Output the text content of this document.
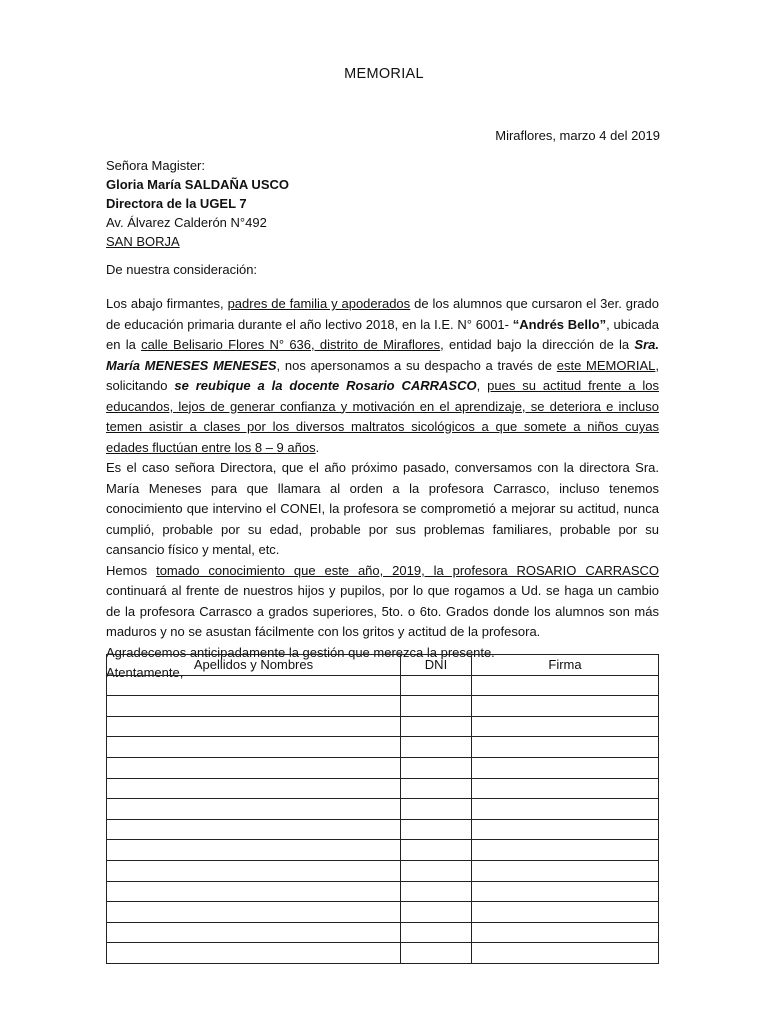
MEMORIAL
Miraflores, marzo 4 del 2019
Señora Magister:
Gloria María SALDAÑA USCO
Directora de la UGEL 7
Av. Álvarez Calderón N°492
SAN BORJA
De nuestra consideración:

Los abajo firmantes, padres de familia y apoderados de los alumnos que cursaron el 3er. grado de educación primaria durante el año lectivo 2018, en la I.E. N° 6001- “Andrés Bello”, ubicada en la calle Belisario Flores N° 636, distrito de Miraflores, entidad bajo la dirección de la Sra. María MENESES MENESES, nos apersonamos a su despacho a través de este MEMORIAL, solicitando se reubique a la docente Rosario CARRASCO, pues su actitud frente a los educandos, lejos de generar confianza y motivación en el aprendizaje, se deteriora e incluso temen asistir a clases por los diversos maltratos sicológicos a que somete a niños cuyas edades fluctúan entre los 8 – 9 años.

Es el caso señora Directora, que el año próximo pasado, conversamos con la directora Sra. María Meneses para que llamara al orden a la profesora Carrasco, incluso tenemos conocimiento que intervino el CONEI, la profesora se comprometió a mejorar su actitud, nunca cumplió, probable por su edad, probable por sus problemas familiares, probable por su cansancio físico y mental, etc.

Hemos tomado conocimiento que este año, 2019, la profesora ROSARIO CARRASCO continuará al frente de nuestros hijos y pupilos, por lo que rogamos a Ud. se haga un cambio de la profesora Carrasco a grados superiores, 5to. o 6to. Grados donde los alumnos son más maduros y no se asustan fácilmente con los gritos y actitud de la profesora.

Agradecemos anticipadamente la gestión que merezca la presente.

Atentamente,

Apellidos y Nombres	DNI	Firma
